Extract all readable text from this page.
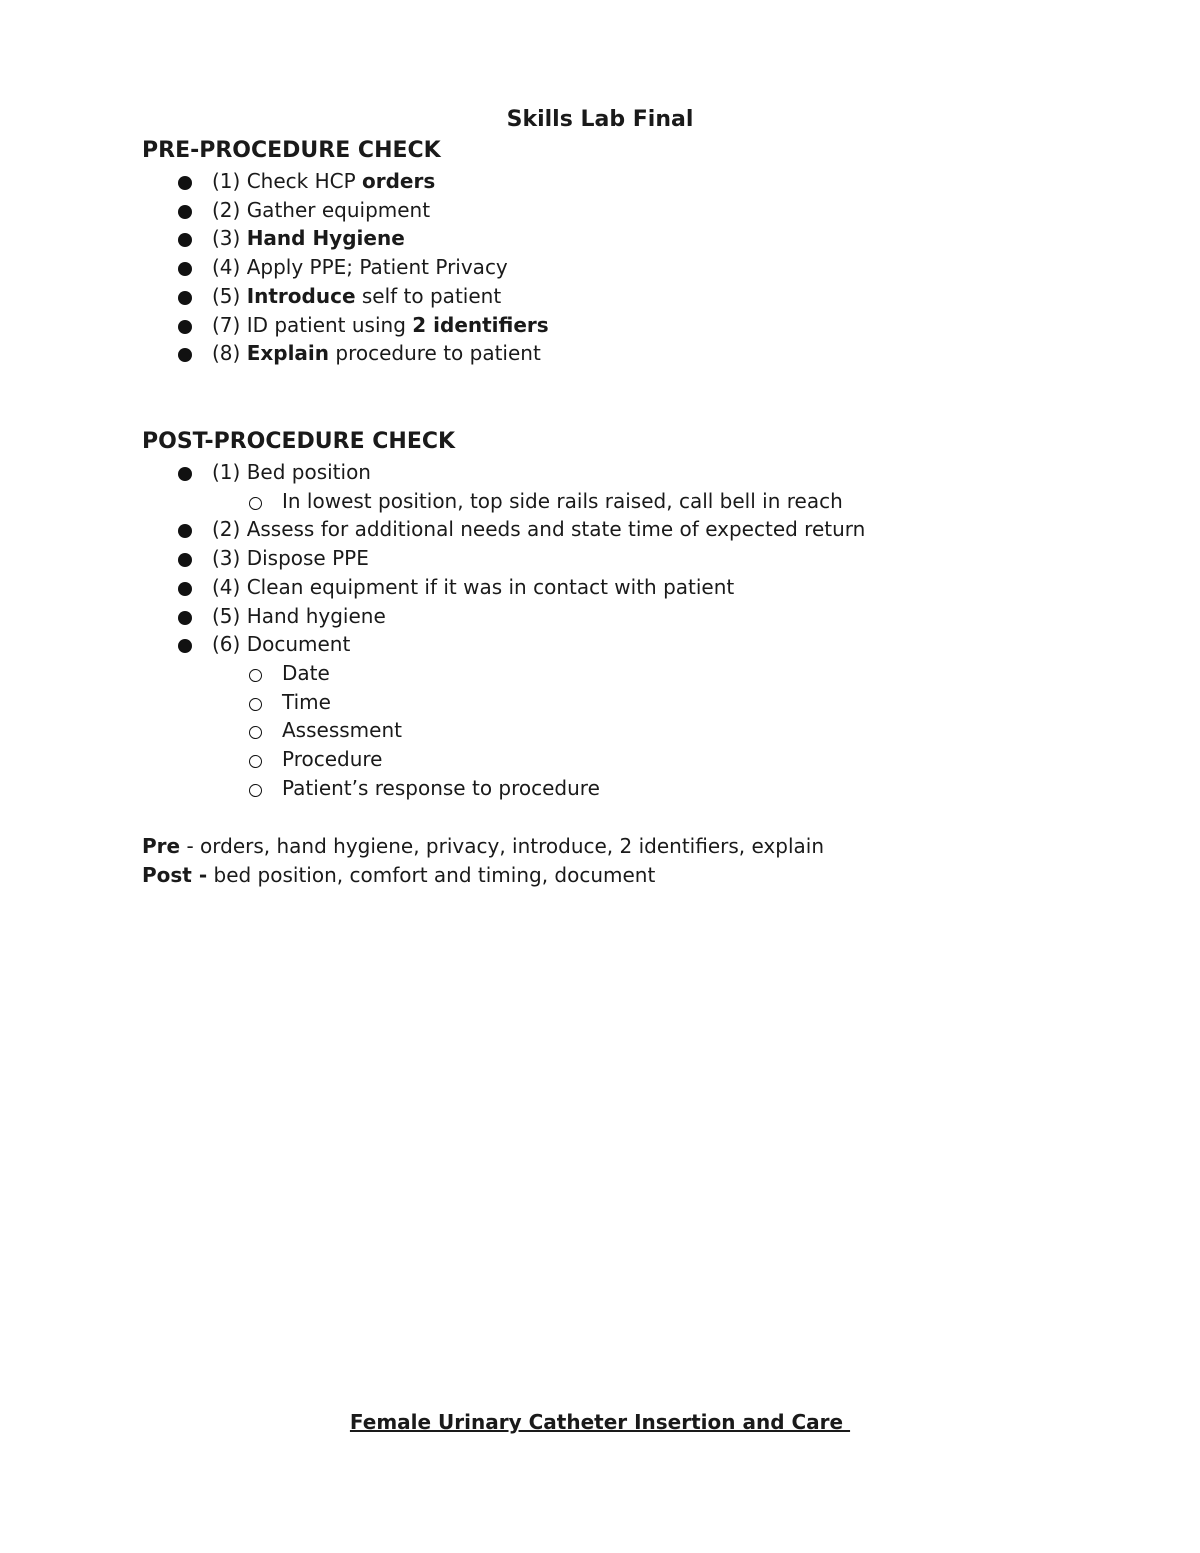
Skills Lab Final
PRE-PROCEDURE CHECK
(1) Check HCP orders
(2) Gather equipment
(3) Hand Hygiene
(4) Apply PPE; Patient Privacy
(5) Introduce self to patient
(7) ID patient using 2 identifiers
(8) Explain procedure to patient
POST-PROCEDURE CHECK
(1) Bed position
In lowest position, top side rails raised, call bell in reach
(2) Assess for additional needs and state time of expected return
(3) Dispose PPE
(4) Clean equipment if it was in contact with patient
(5) Hand hygiene
(6) Document
Date
Time
Assessment
Procedure
Patient’s response to procedure

Pre - orders, hand hygiene, privacy, introduce, 2 identifiers, explain

Post - bed position, comfort and timing, document

Female Urinary Catheter Insertion and Care
